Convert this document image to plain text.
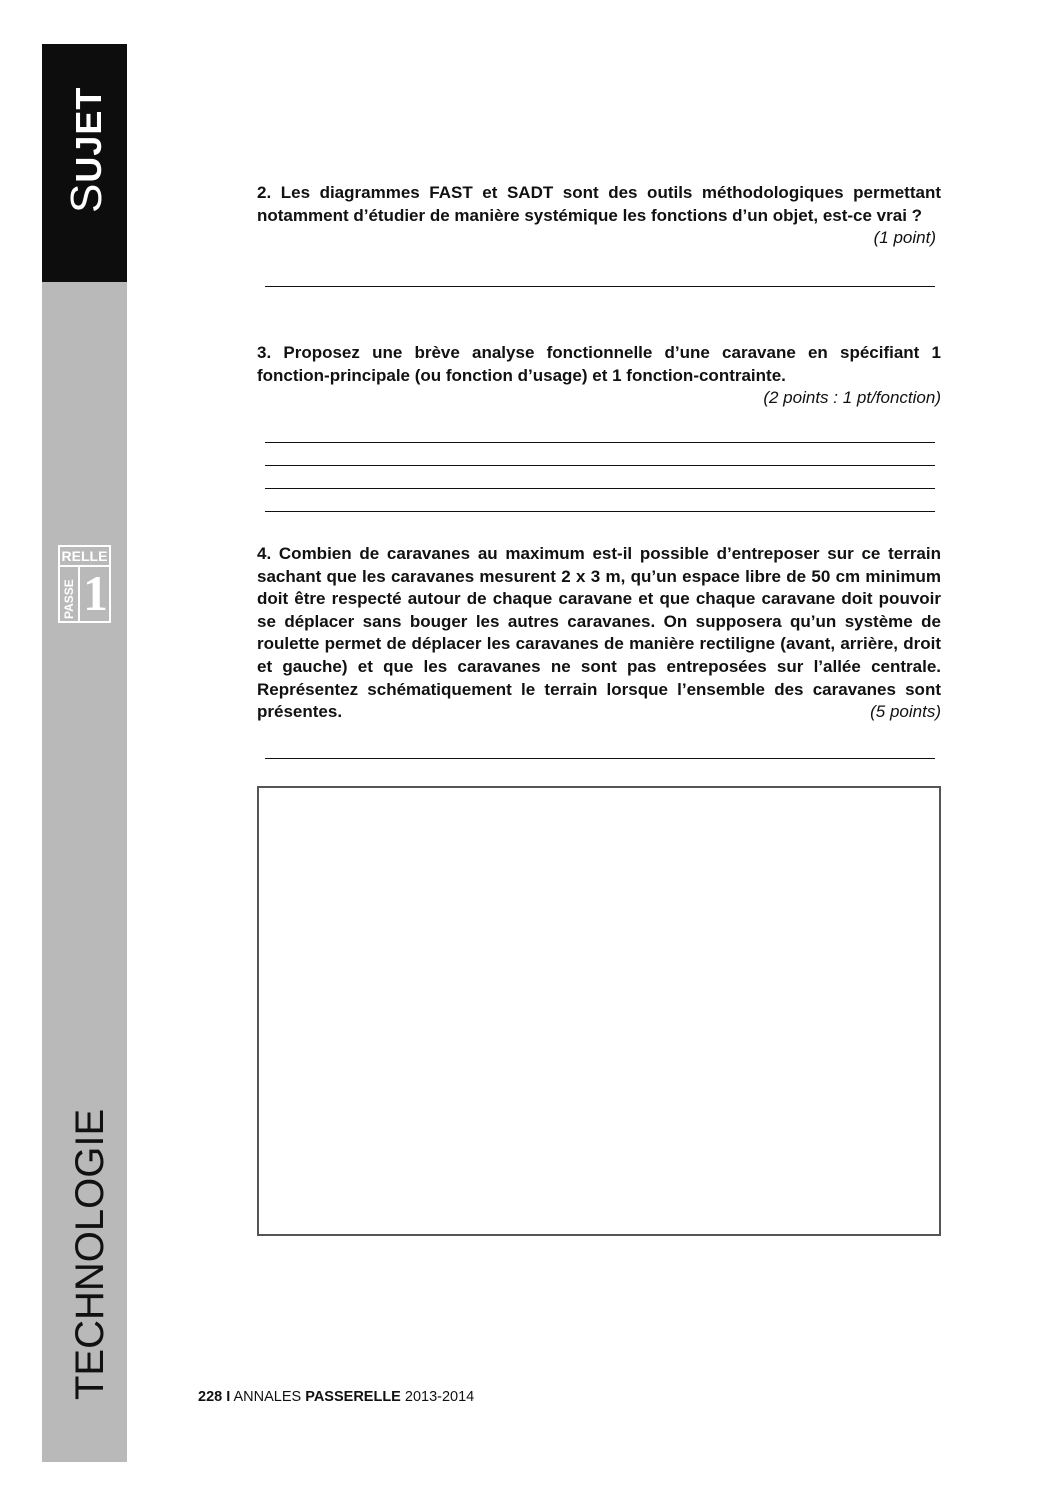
SUJET
RELLE
PASSE 1
TECHNOLOGIE
2. Les diagrammes FAST et SADT sont des outils méthodologiques permettant notamment d’étudier de manière systémique les fonctions d’un objet, est-ce vrai ?
(1 point)
3. Proposez une brève analyse fonctionnelle d’une caravane en spécifiant 1 fonction-principale (ou fonction d’usage) et 1 fonction-contrainte.

(2 points : 1 pt/fonction)
4. Combien de caravanes au maximum est-il possible d’entreposer sur ce terrain sachant que les caravanes mesurent 2 x 3 m, qu’un espace libre de 50 cm minimum doit être respecté autour de chaque caravane et que chaque caravane doit pouvoir se déplacer sans bouger les autres caravanes. On supposera qu’un système de roulette permet de déplacer les caravanes de manière rectiligne (avant, arrière, droit et gauche) et que les caravanes ne sont pas entreposées sur l’allée centrale. Représentez schématiquement le terrain lorsque l’ensemble des caravanes sont présentes.	(5 points)
228 I ANNALES PASSERELLE 2013-2014
